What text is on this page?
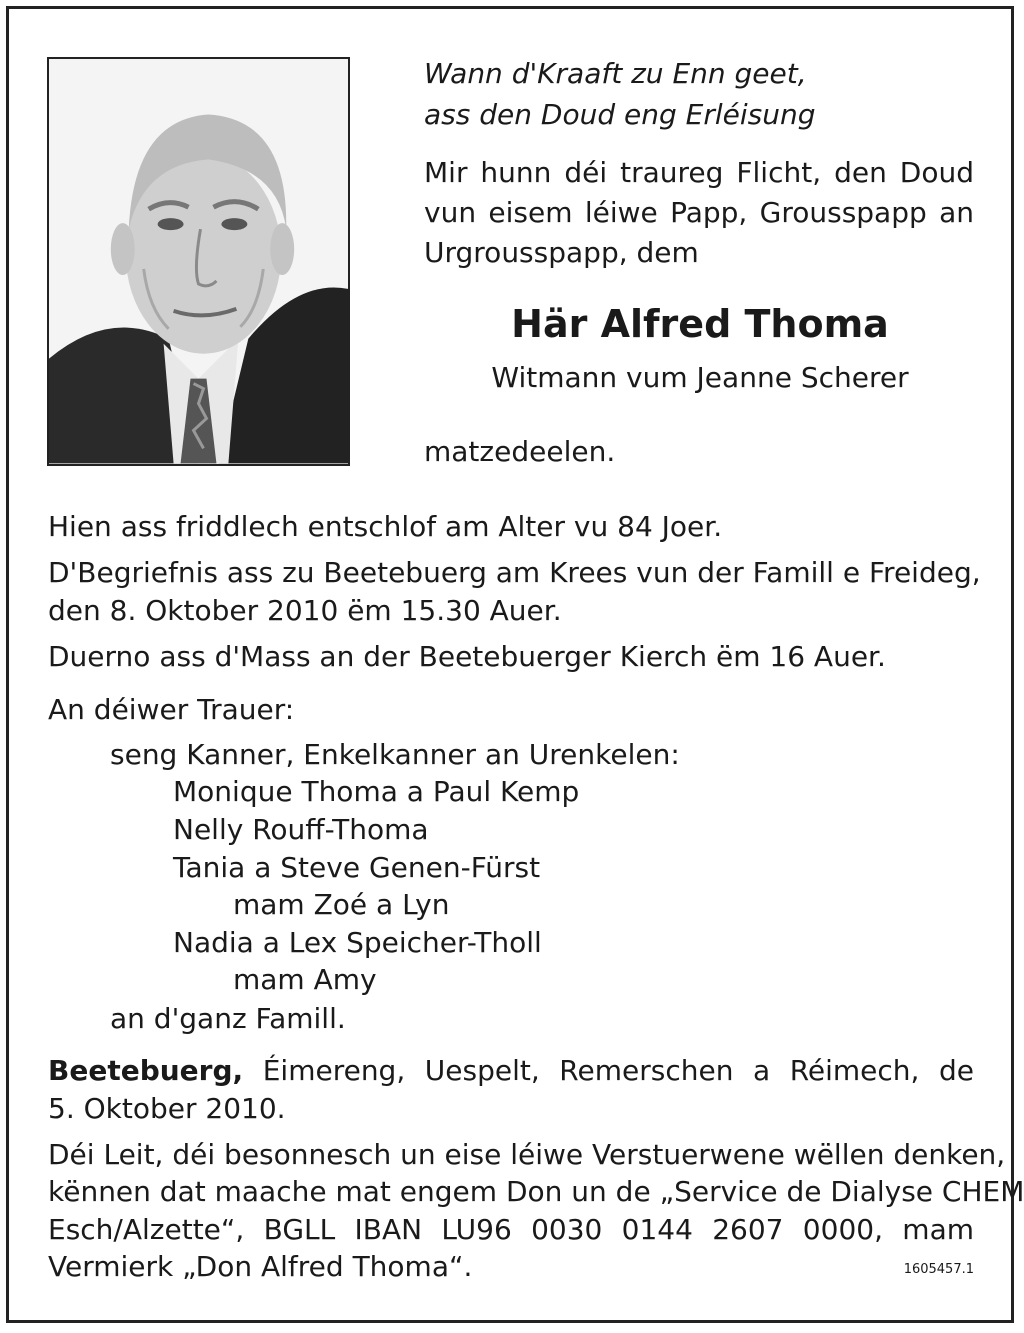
Wann d'Kraaft zu Enn geet,
ass den Doud eng Erléisung
Mir hunn déi traureg Flicht, den Doud
vun eisem léiwe Papp, Grousspapp an
Urgrousspapp, dem
Här Alfred Thoma
Witmann vum Jeanne Scherer
matzedeelen.
Hien ass friddlech entschlof am Alter vu 84 Joer.
D'Begriefnis ass zu Beetebuerg am Krees vun der Famill e Freideg,
den 8. Oktober 2010 ëm 15.30 Auer.
Duerno ass d'Mass an der Beetebuerger Kierch ëm 16 Auer.
An déiwer Trauer:
seng Kanner, Enkelkanner an Urenkelen:
Monique Thoma a Paul Kemp
Nelly Rouff-Thoma
Tania a Steve Genen-Fürst
mam Zoé a Lyn
Nadia a Lex Speicher-Tholl
mam Amy
an d'ganz Famill.
Beetebuerg, Éimereng, Uespelt, Remerschen a Réimech, de
5. Oktober 2010.
Déi Leit, déi besonnesch un eise léiwe Verstuerwene wëllen denken,
kënnen dat maache mat engem Don un de „Service de Dialyse CHEM
Esch/Alzette“, BGLL IBAN LU96 0030 0144 2607 0000, mam
Vermierk „Don Alfred Thoma“.	1605457.1
